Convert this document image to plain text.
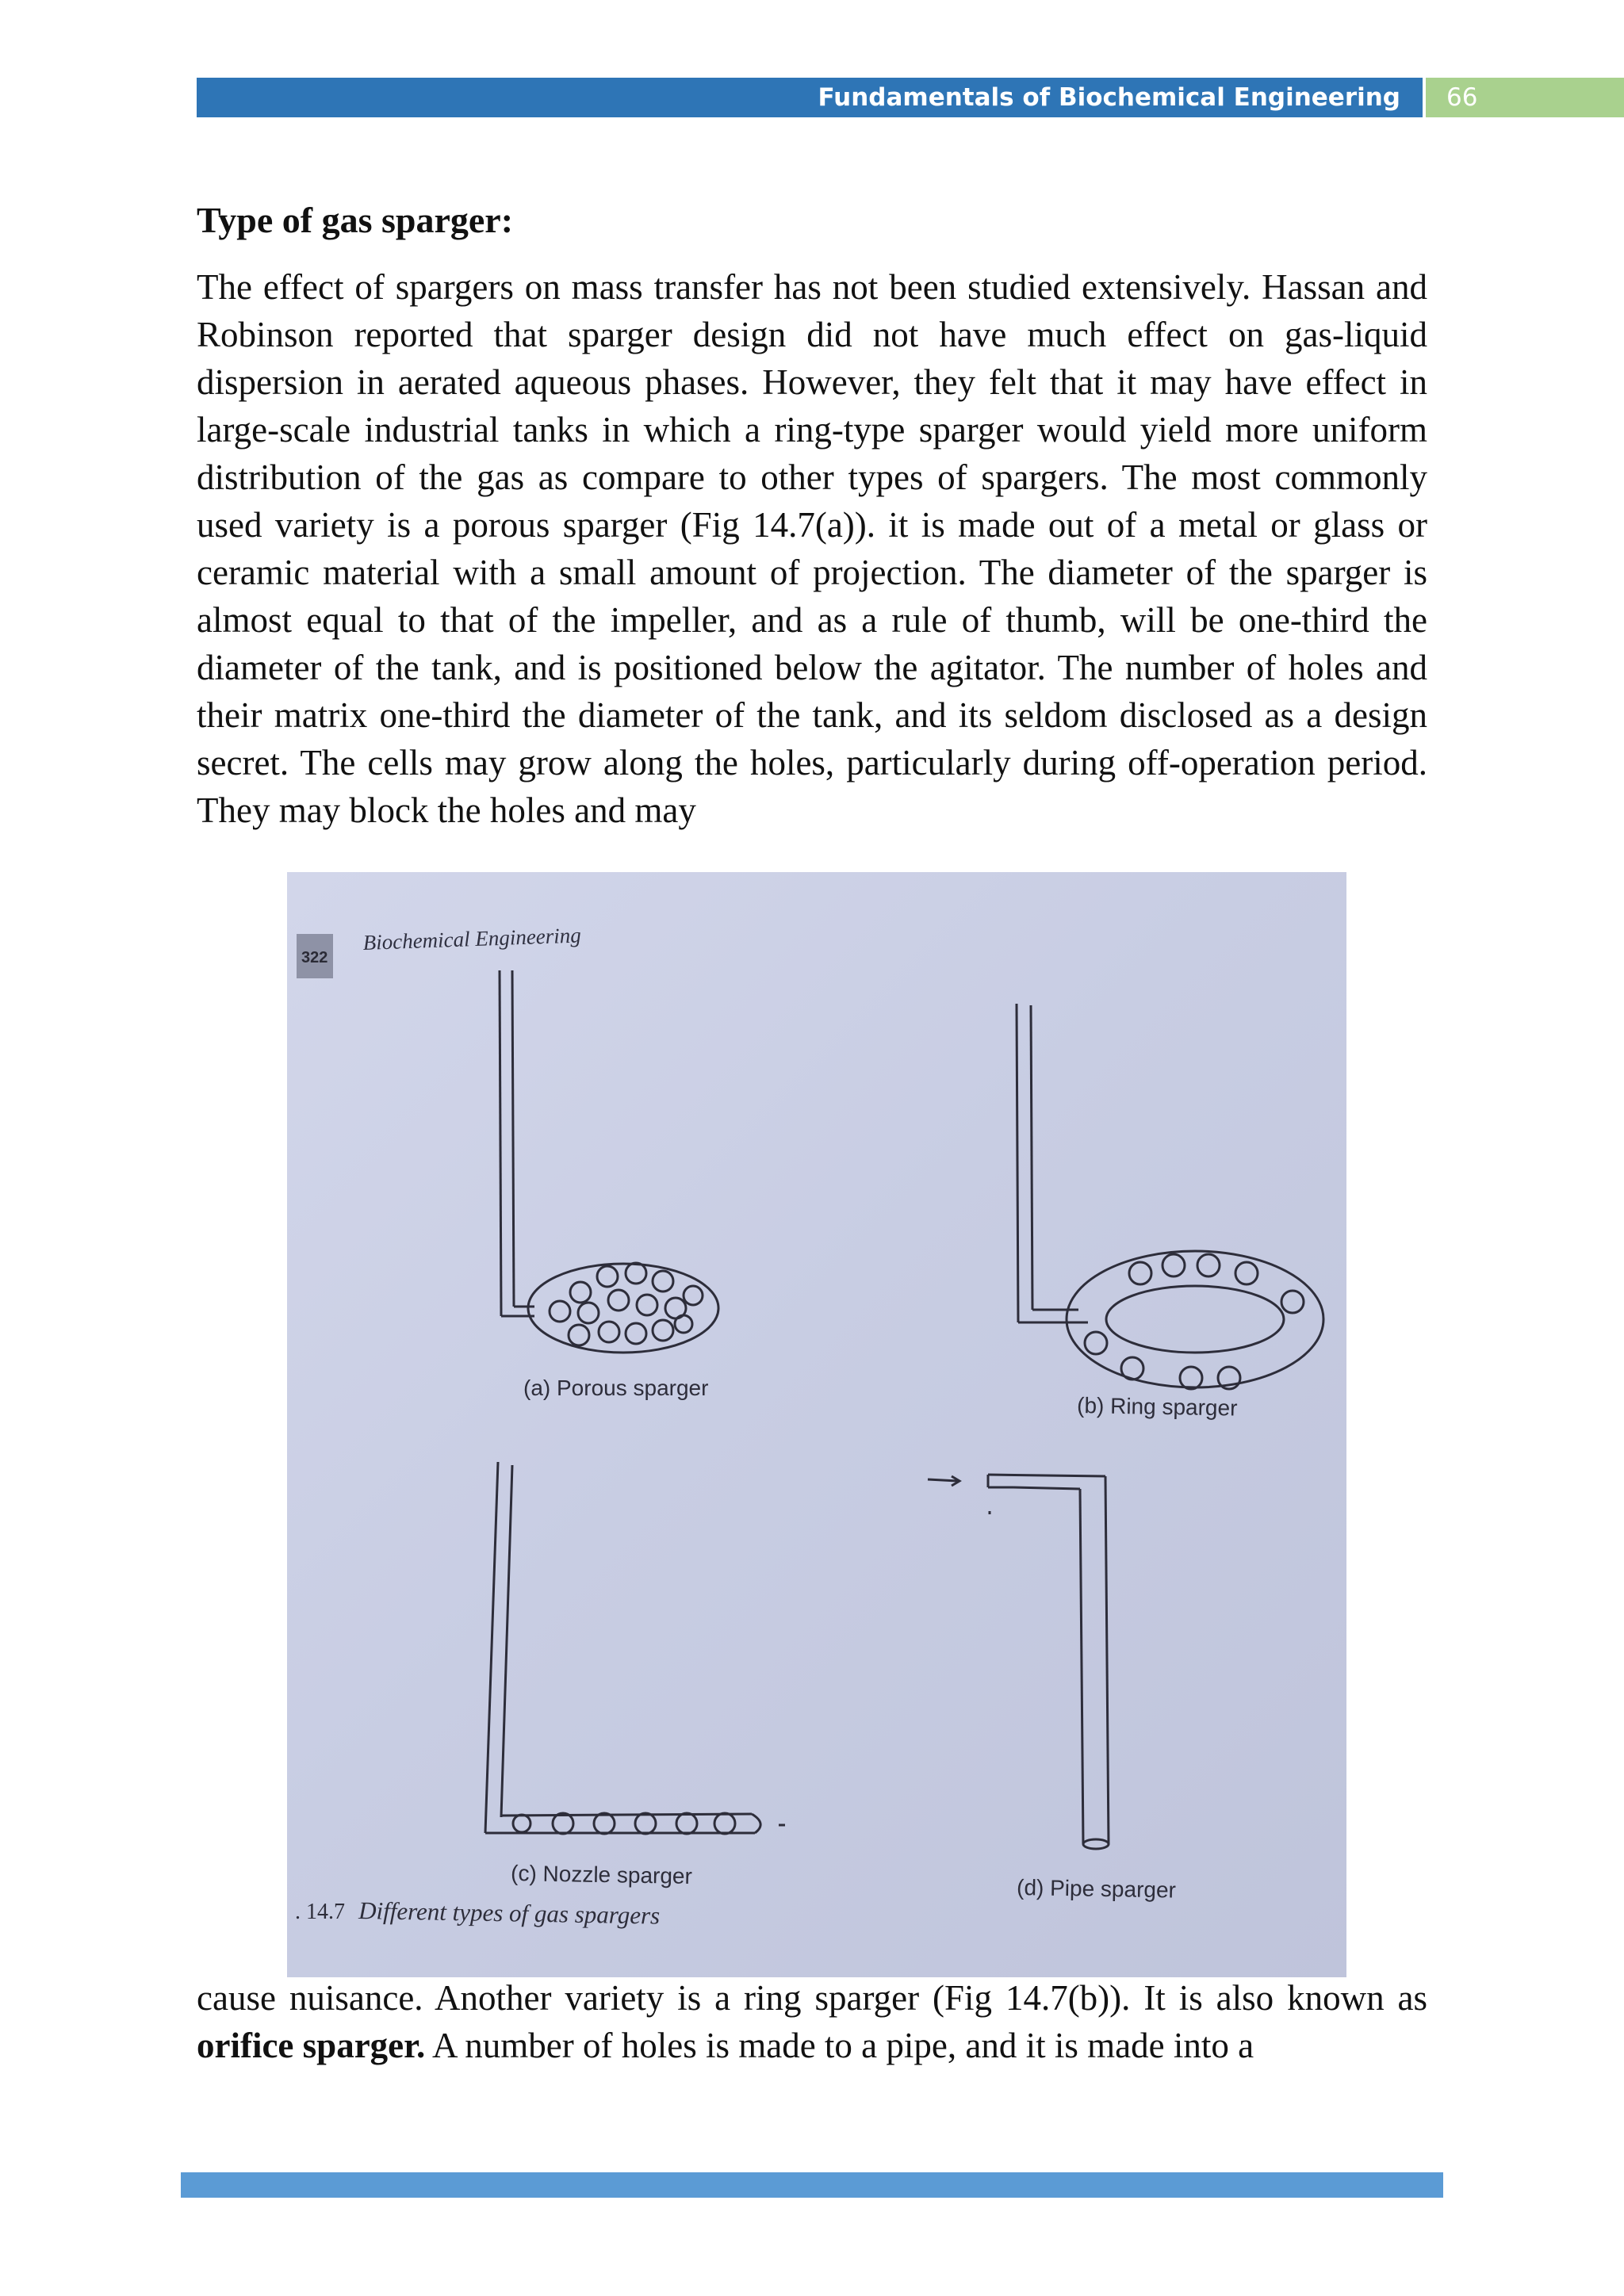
Fundamentals of Biochemical Engineering	66
Type of gas sparger:
The effect of spargers on mass transfer has not been studied extensively. Hassan and Robinson reported that sparger design did not have much effect on gas-liquid dispersion in aerated aqueous phases. However, they felt that it may have effect in large-scale industrial tanks in which a ring-type sparger would yield more uniform distribution of the gas as compare to other types of spargers. The most commonly used variety is a porous sparger (Fig 14.7(a)). it is made out of a metal or glass or ceramic material with a small amount of projection. The diameter of the sparger is almost equal to that of the impeller, and as a rule of thumb, will be one-third the diameter of the tank, and is positioned below the agitator. The number of holes and their matrix one-third the diameter of the tank, and its seldom disclosed as a design secret. The cells may grow along the holes, particularly during off-operation period. They may block the holes and may
322
Biochemical Engineering
(a) Porous sparger
(b) Ring sparger
(c) Nozzle sparger
(d) Pipe sparger
. 14.7 Different types of gas spargers
cause nuisance. Another variety is a ring sparger (Fig 14.7(b)). It is also known as orifice sparger. A number of holes is made to a pipe, and it is made into a
